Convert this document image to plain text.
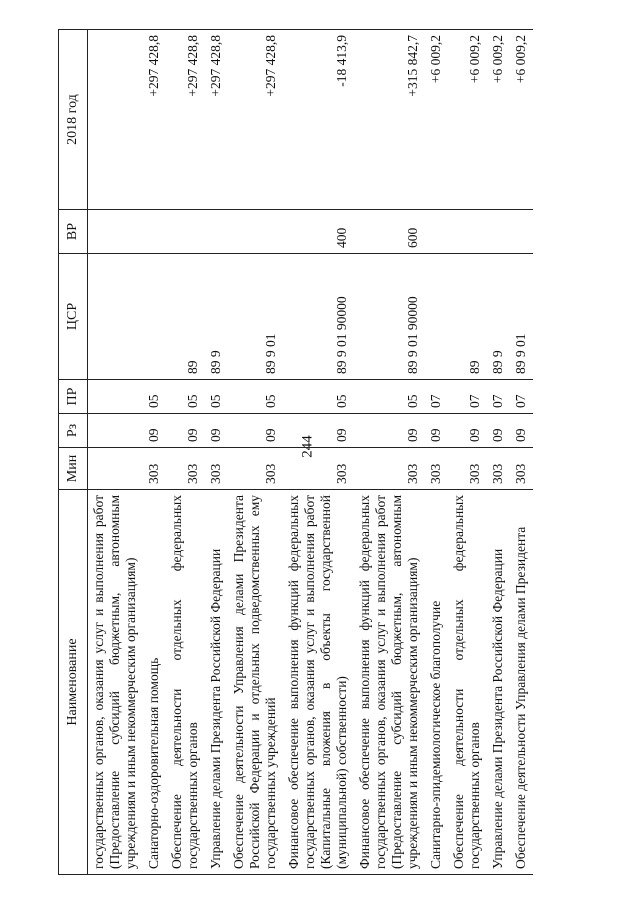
244
Наименование	Мин	Рз	ПР	ЦСР	ВР	2018 год
государственных органов, оказания услуг и выполнения работ (Предоставление субсидий бюджетным, автономным учреждениям и иным некоммерческим организациям)						
Санаторно-оздоровительная помощь	303	09	05			+297 428,8
Обеспечение деятельности отдельных федеральных государственных органов	303	09	05	89		+297 428,8
Управление делами Президента Российской Федерации	303	09	05	89 9		+297 428,8
Обеспечение деятельности Управления делами Президента Российской Федерации и отдельных подведомственных ему государственных учреждений	303	09	05	89 9 01		+297 428,8
Финансовое обеспечение выполнения функций федеральных государственных органов, оказания услуг и выполнения работ (Капитальные вложения в объекты государственной (муниципальной) собственности)	303	09	05	89 9 01 90000	400	-18 413,9
Финансовое обеспечение выполнения функций федеральных государственных органов, оказания услуг и выполнения работ (Предоставление субсидий бюджетным, автономным учреждениям и иным некоммерческим организациям)	303	09	05	89 9 01 90000	600	+315 842,7
Санитарно-эпидемиологическое благополучие	303	09	07			+6 009,2
Обеспечение деятельности отдельных федеральных государственных органов	303	09	07	89		+6 009,2
Управление делами Президента Российской Федерации	303	09	07	89 9		+6 009,2
Обеспечение деятельности Управления делами Президента	303	09	07	89 9 01		+6 009,2
